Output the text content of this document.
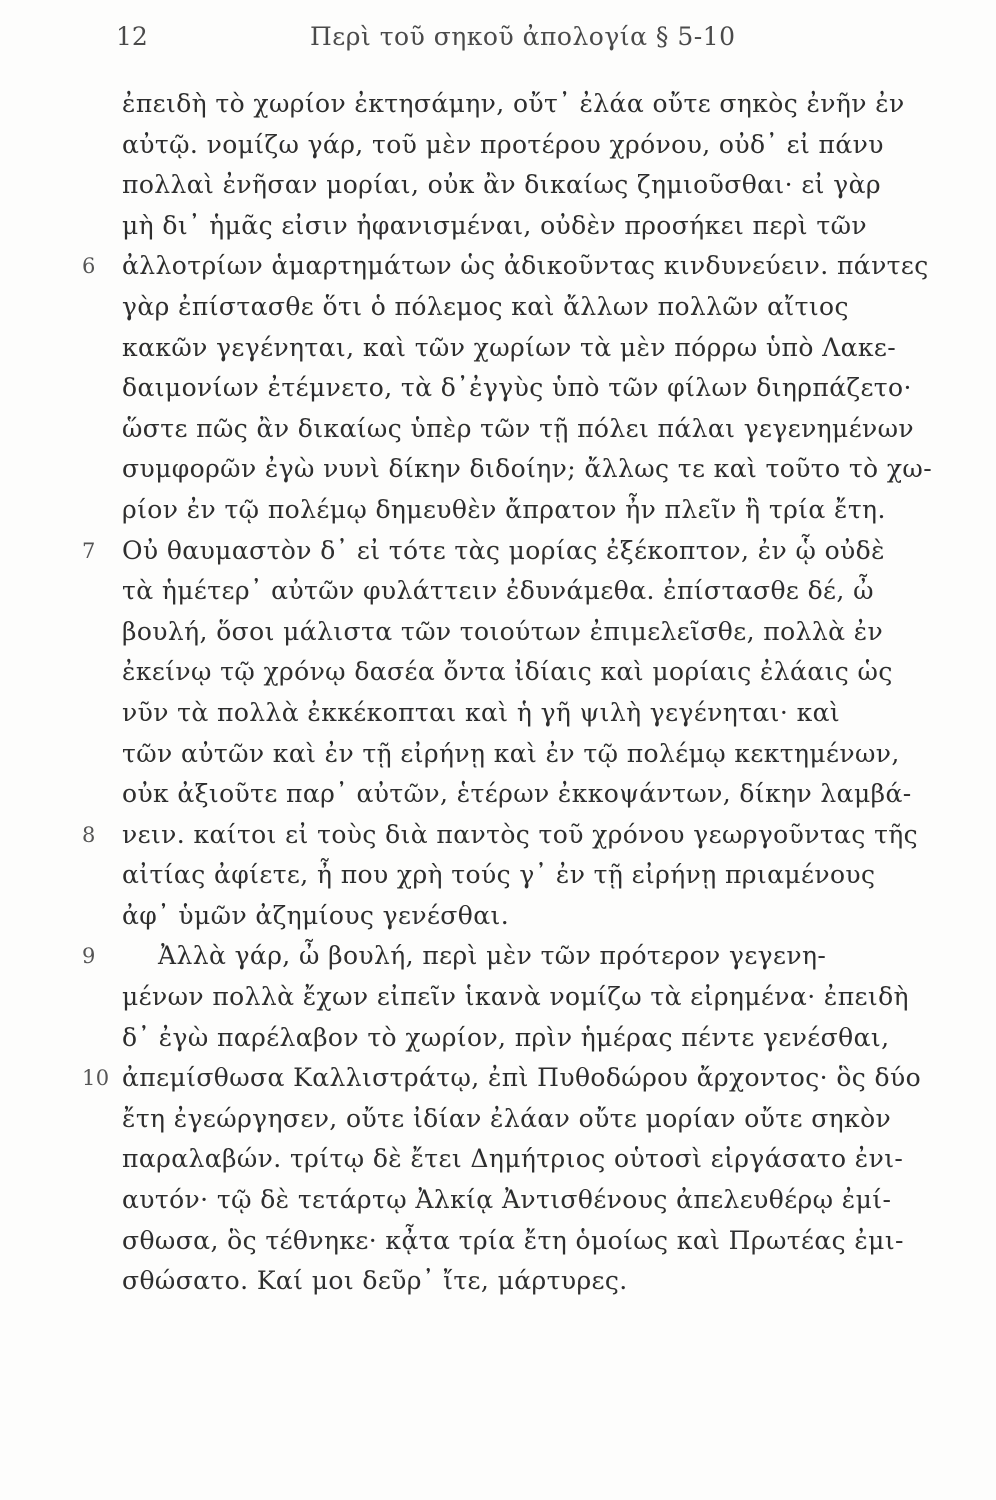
12	Περὶ τοῦ σηκοῦ ἀπολογία § 5-10
ἐπειδὴ τὸ χωρίον ἐκτησάμην, οὔτ᾽ ἐλάα οὔτε σηκὸς ἐνῆν ἐν
αὐτῷ. νομίζω γάρ, τοῦ μὲν προτέρου χρόνου, οὐδ᾽ εἰ πάνυ
πολλαὶ ἐνῆσαν μορίαι, οὐκ ἂν δικαίως ζημιοῦσθαι· εἰ γὰρ
μὴ δι᾽ ἡμᾶς εἰσιν ἠφανισμέναι, οὐδὲν προσήκει περὶ τῶν
6 ἀλλοτρίων ἁμαρτημάτων ὡς ἀδικοῦντας κινδυνεύειν. πάντες
γὰρ ἐπίστασθε ὅτι ὁ πόλεμος καὶ ἄλλων πολλῶν αἴτιος
κακῶν γεγένηται, καὶ τῶν χωρίων τὰ μὲν πόρρω ὑπὸ Λακε-
δαιμονίων ἐτέμνετο, τὰ δ᾽ἐγγὺς ὑπὸ τῶν φίλων διηρπάζετο·
ὥστε πῶς ἂν δικαίως ὑπὲρ τῶν τῇ πόλει πάλαι γεγενημένων
συμφορῶν ἐγὼ νυνὶ δίκην διδοίην; ἄλλως τε καὶ τοῦτο τὸ χω-
ρίον ἐν τῷ πολέμῳ δημευθὲν ἄπρατον ἦν πλεῖν ἢ τρία ἔτη.
7 Οὐ θαυμαστὸν δ᾽ εἰ τότε τὰς μορίας ἐξέκοπτον, ἐν ᾧ οὐδὲ
τὰ ἡμέτερ᾽ αὐτῶν φυλάττειν ἐδυνάμεθα. ἐπίστασθε δέ, ὦ
βουλή, ὅσοι μάλιστα τῶν τοιούτων ἐπιμελεῖσθε, πολλὰ ἐν
ἐκείνῳ τῷ χρόνῳ δασέα ὄντα ἰδίαις καὶ μορίαις ἐλάαις ὡς
νῦν τὰ πολλὰ ἐκκέκοπται καὶ ἡ γῆ ψιλὴ γεγένηται· καὶ
τῶν αὐτῶν καὶ ἐν τῇ εἰρήνῃ καὶ ἐν τῷ πολέμῳ κεκτημένων,
οὐκ ἀξιοῦτε παρ᾽ αὐτῶν, ἑτέρων ἐκκοψάντων, δίκην λαμβά-
8 νειν. καίτοι εἰ τοὺς διὰ παντὸς τοῦ χρόνου γεωργοῦντας τῆς
αἰτίας ἀφίετε, ἦ που χρὴ τούς γ᾽ ἐν τῇ εἰρήνῃ πριαμένους
ἀφ᾽ ὑμῶν ἀζημίους γενέσθαι.
9 Ἀλλὰ γάρ, ὦ βουλή, περὶ μὲν τῶν πρότερον γεγενη-
μένων πολλὰ ἔχων εἰπεῖν ἱκανὰ νομίζω τὰ εἰρημένα· ἐπειδὴ
δ᾽ ἐγὼ παρέλαβον τὸ χωρίον, πρὶν ἡμέρας πέντε γενέσθαι,
10 ἀπεμίσθωσα Καλλιστράτῳ, ἐπὶ Πυθοδώρου ἄρχοντος· ὃς δύο
ἔτη ἐγεώργησεν, οὔτε ἰδίαν ἐλάαν οὔτε μορίαν οὔτε σηκὸν
παραλαβών. τρίτῳ δὲ ἔτει Δημήτριος οὑτοσὶ εἰργάσατο ἐνι-
αυτόν· τῷ δὲ τετάρτῳ Ἀλκίᾳ Ἀντισθένους ἀπελευθέρῳ ἐμί-
σθωσα, ὃς τέθνηκε· κᾆτα τρία ἔτη ὁμοίως καὶ Πρωτέας ἐμι-
σθώσατο. Καί μοι δεῦρ᾽ ἴτε, μάρτυρες.
